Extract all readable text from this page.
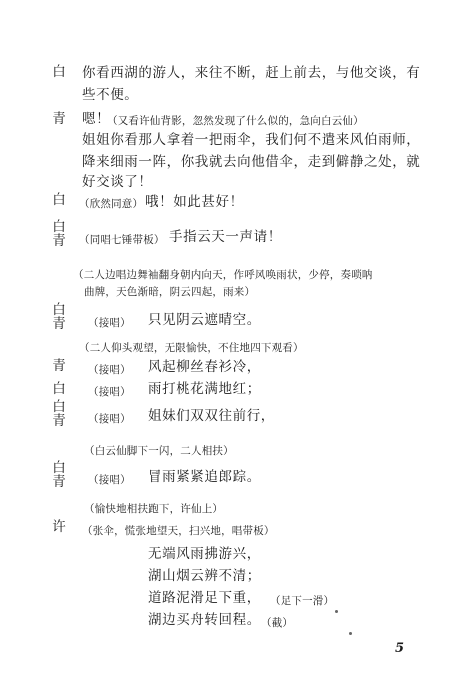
白
青
白
白
青
白
青
青
白
白
青
白
青
许
你看西湖的游人，来往不断，赶上前去，与他交谈，有
些不便。
嗯！
（又看许仙背影，忽然发现了什么似的，急向白云仙）
姐姐你看那人拿着一把雨伞，我们何不遣来风伯雨师，
降来细雨一阵，你我就去向他借伞，走到僻静之处，就
好交谈了！
（欣然同意） 哦！如此甚好！
（同唱七锤带板） 手指云天一声请！
（二人边唱边舞袖翻身朝内向天，作呼风唤雨状，少停，奏唢呐
曲牌，天色渐暗，阴云四起，雨来）
（接唱） 只见阴云遮晴空。
（二人仰头观望，无限愉快，不住地四下观看）
（接唱） 风起柳丝春衫冷，
（接唱） 雨打桃花满地红；
（接唱） 姐妹们双双往前行，
（白云仙脚下一闪，二人相扶）
（接唱） 冒雨紧紧追郎踪。
（愉快地相扶跑下，许仙上）
（张伞，慌张地望天，扫兴地，唱带板）
无端风雨拂游兴，
湖山烟云辨不清；
道路泥滑足下重， （足下一滑）
湖边买舟转回程。 （截）
5
